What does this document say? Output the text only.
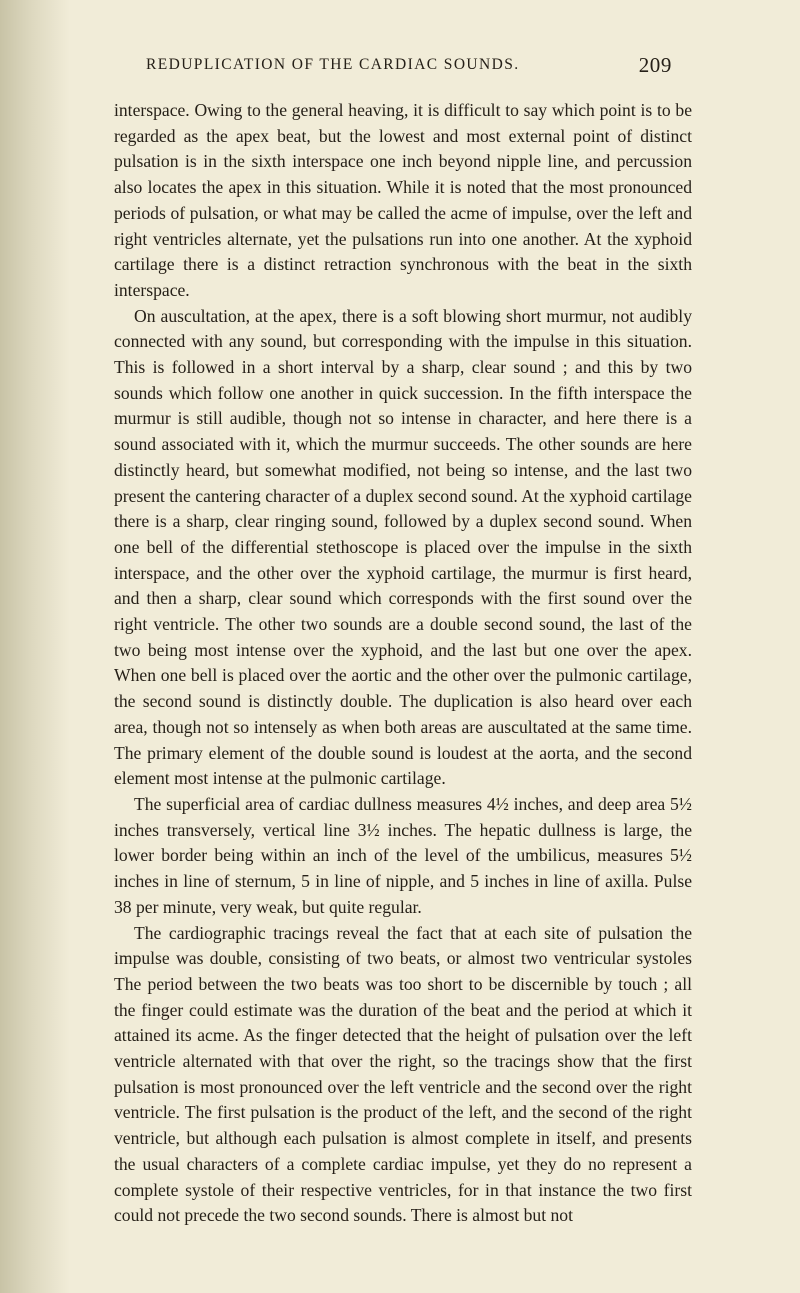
REDUPLICATION OF THE CARDIAC SOUNDS.	209

interspace. Owing to the general heaving, it is difficult to say which point is to be regarded as the apex beat, but the lowest and most external point of distinct pulsation is in the sixth interspace one inch beyond nipple line, and percussion also locates the apex in this situation. While it is noted that the most pronounced periods of pulsation, or what may be called the acme of impulse, over the left and right ventricles alternate, yet the pulsations run into one another. At the xyphoid cartilage there is a distinct retraction synchronous with the beat in the sixth interspace.

On auscultation, at the apex, there is a soft blowing short murmur, not audibly connected with any sound, but corresponding with the impulse in this situation. This is followed in a short interval by a sharp, clear sound ; and this by two sounds which follow one another in quick succession. In the fifth interspace the murmur is still audible, though not so intense in character, and here there is a sound associated with it, which the murmur succeeds. The other sounds are here distinctly heard, but somewhat modified, not being so intense, and the last two present the cantering character of a duplex second sound. At the xyphoid cartilage there is a sharp, clear ringing sound, followed by a duplex second sound. When one bell of the differential stethoscope is placed over the impulse in the sixth interspace, and the other over the xyphoid cartilage, the murmur is first heard, and then a sharp, clear sound which corresponds with the first sound over the right ventricle. The other two sounds are a double second sound, the last of the two being most intense over the xyphoid, and the last but one over the apex. When one bell is placed over the aortic and the other over the pulmonic cartilage, the second sound is distinctly double. The duplication is also heard over each area, though not so intensely as when both areas are auscultated at the same time. The primary element of the double sound is loudest at the aorta, and the second element most intense at the pulmonic cartilage.

The superficial area of cardiac dullness measures 4½ inches, and deep area 5½ inches transversely, vertical line 3½ inches. The hepatic dullness is large, the lower border being within an inch of the level of the umbilicus, measures 5½ inches in line of sternum, 5 in line of nipple, and 5 inches in line of axilla. Pulse 38 per minute, very weak, but quite regular.

The cardiographic tracings reveal the fact that at each site of pulsation the impulse was double, consisting of two beats, or almost two ventricular systoles The period between the two beats was too short to be discernible by touch ; all the finger could estimate was the duration of the beat and the period at which it attained its acme. As the finger detected that the height of pulsation over the left ventricle alternated with that over the right, so the tracings show that the first pulsation is most pronounced over the left ventricle and the second over the right ventricle. The first pulsation is the product of the left, and the second of the right ventricle, but although each pulsation is almost complete in itself, and presents the usual characters of a complete cardiac impulse, yet they do no represent a complete systole of their respective ventricles, for in that instance the two first could not precede the two second sounds. There is almost but not
